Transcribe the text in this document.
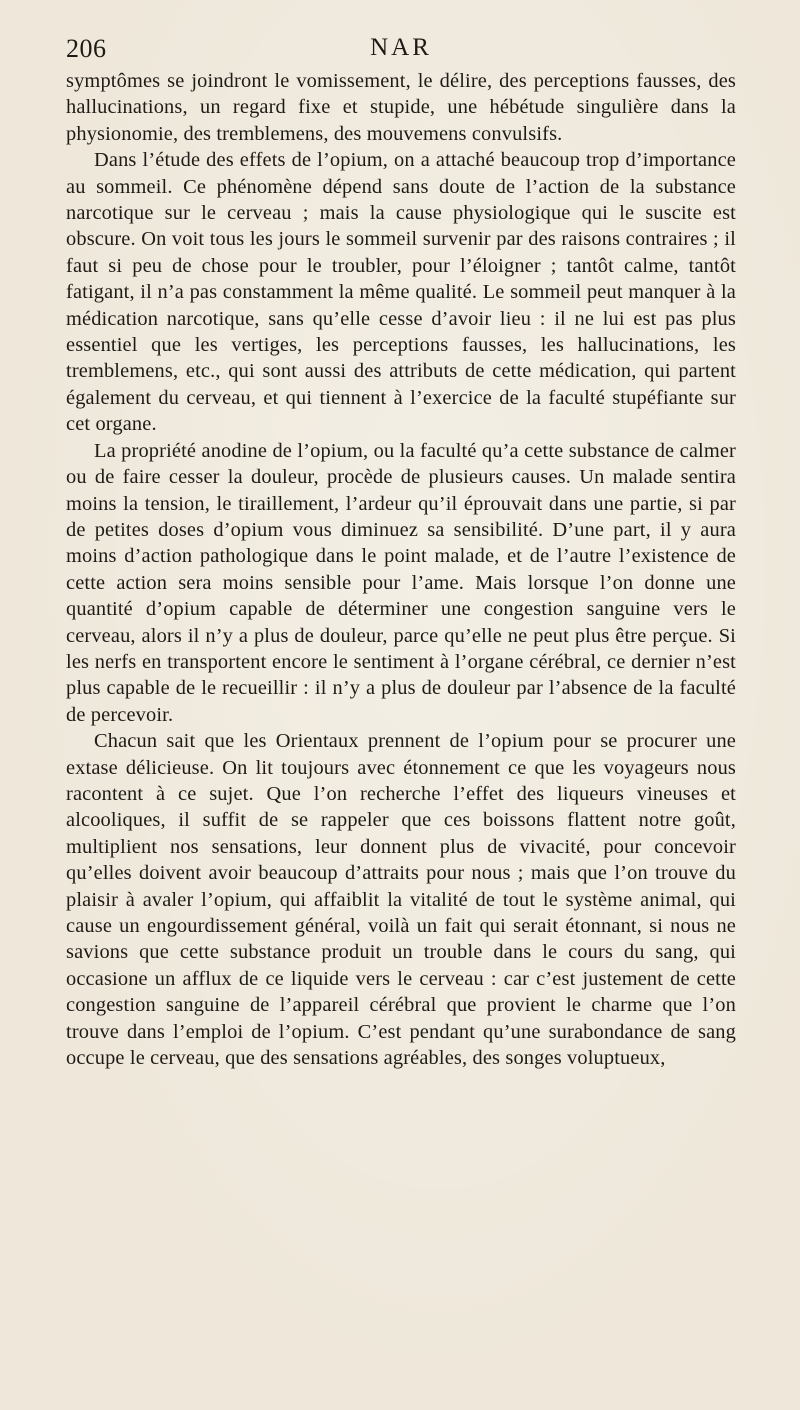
206	NAR

symptômes se joindront le vomissement, le délire, des perceptions fausses, des hallucinations, un regard fixe et stupide, une hébétude singulière dans la physionomie, des tremblemens, des mouvemens convulsifs.

Dans l’étude des effets de l’opium, on a attaché beaucoup trop d’importance au sommeil. Ce phénomène dépend sans doute de l’action de la substance narcotique sur le cerveau ; mais la cause physiologique qui le suscite est obscure. On voit tous les jours le sommeil survenir par des raisons contraires ; il faut si peu de chose pour le troubler, pour l’éloigner ; tantôt calme, tantôt fatigant, il n’a pas constamment la même qualité. Le sommeil peut manquer à la médication narcotique, sans qu’elle cesse d’avoir lieu : il ne lui est pas plus essentiel que les vertiges, les perceptions fausses, les hallucinations, les tremblemens, etc., qui sont aussi des attributs de cette médication, qui partent également du cerveau, et qui tiennent à l’exercice de la faculté stupéfiante sur cet organe.

La propriété anodine de l’opium, ou la faculté qu’a cette substance de calmer ou de faire cesser la douleur, procède de plusieurs causes. Un malade sentira moins la tension, le tiraillement, l’ardeur qu’il éprouvait dans une partie, si par de petites doses d’opium vous diminuez sa sensibilité. D’une part, il y aura moins d’action pathologique dans le point malade, et de l’autre l’existence de cette action sera moins sensible pour l’ame. Mais lorsque l’on donne une quantité d’opium capable de déterminer une congestion sanguine vers le cerveau, alors il n’y a plus de douleur, parce qu’elle ne peut plus être perçue. Si les nerfs en transportent encore le sentiment à l’organe cérébral, ce dernier n’est plus capable de le recueillir : il n’y a plus de douleur par l’absence de la faculté de percevoir.

Chacun sait que les Orientaux prennent de l’opium pour se procurer une extase délicieuse. On lit toujours avec étonnement ce que les voyageurs nous racontent à ce sujet. Que l’on recherche l’effet des liqueurs vineuses et alcooliques, il suffit de se rappeler que ces boissons flattent notre goût, multiplient nos sensations, leur donnent plus de vivacité, pour concevoir qu’elles doivent avoir beaucoup d’attraits pour nous ; mais que l’on trouve du plaisir à avaler l’opium, qui affaiblit la vitalité de tout le système animal, qui cause un engourdissement général, voilà un fait qui serait étonnant, si nous ne savions que cette substance produit un trouble dans le cours du sang, qui occasione un afflux de ce liquide vers le cerveau : car c’est justement de cette congestion sanguine de l’appareil cérébral que provient le charme que l’on trouve dans l’emploi de l’opium. C’est pendant qu’une surabondance de sang occupe le cerveau, que des sensations agréables, des songes voluptueux,
